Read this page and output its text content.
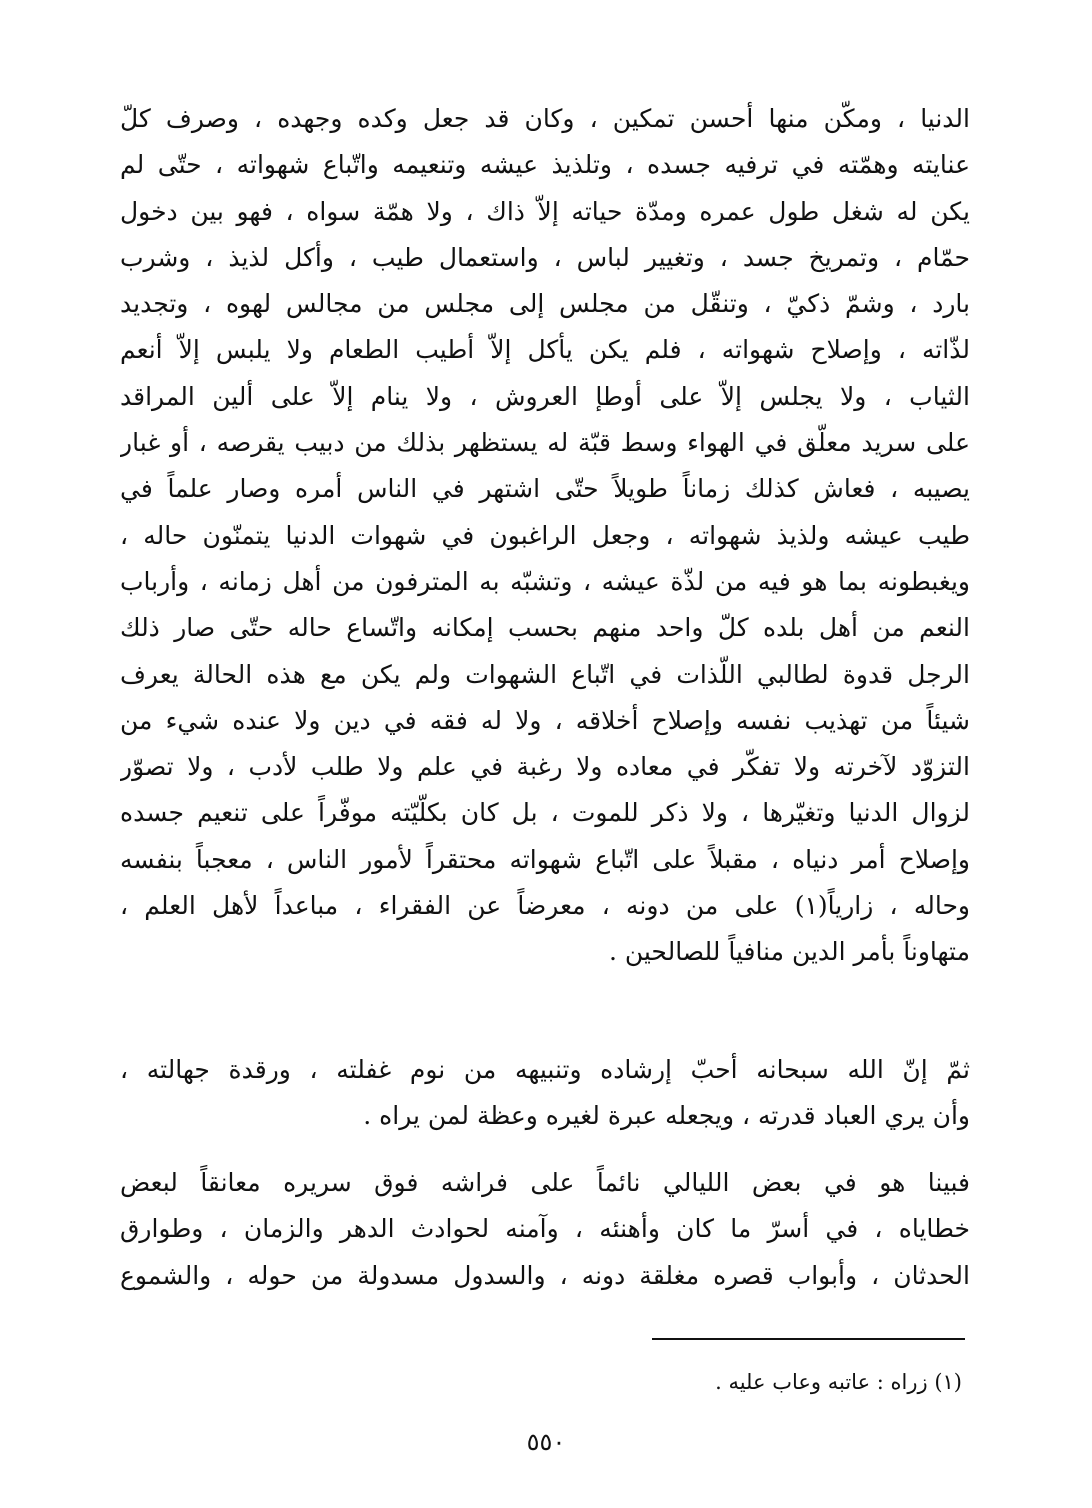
الدنيا ، ومكّن منها أحسن تمكين ، وكان قد جعل وكده وجهده ، وصرف كلّ
عنايته وهمّته في ترفيه جسده ، وتلذيذ عيشه وتنعيمه واتّباع شهواته ، حتّى لم
يكن له شغل طول عمره ومدّة حياته إلاّ ذاك ، ولا همّة سواه ، فهو بين دخول
حمّام ، وتمريخ جسد ، وتغيير لباس ، واستعمال طيب ، وأكل لذيذ ، وشرب
بارد ، وشمّ ذكيّ ، وتنقّل من مجلس إلى مجلس من مجالس لهوه ، وتجديد
لذّاته ، وإصلاح شهواته ، فلم يكن يأكل إلاّ أطيب الطعام ولا يلبس إلاّ أنعم
الثياب ، ولا يجلس إلاّ على أوطإ العروش ، ولا ينام إلاّ على ألين المراقد
على سريد معلّق في الهواء وسط قبّة له يستظهر بذلك من دبيب يقرصه ، أو غبار
يصيبه ، فعاش كذلك زماناً طويلاً حتّى اشتهر في الناس أمره وصار علماً في
طيب عيشه ولذيذ شهواته ، وجعل الراغبون في شهوات الدنيا يتمنّون حاله ،
ويغبطونه بما هو فيه من لذّة عيشه ، وتشبّه به المترفون من أهل زمانه ، وأرباب
النعم من أهل بلده كلّ واحد منهم بحسب إمكانه واتّساع حاله حتّى صار ذلك
الرجل قدوة لطالبي اللّذات في اتّباع الشهوات ولم يكن مع هذه الحالة يعرف
شيئاً من تهذيب نفسه وإصلاح أخلاقه ، ولا له فقه في دين ولا عنده شيء من
التزوّد لآخرته ولا تفكّر في معاده ولا رغبة في علم ولا طلب لأدب ، ولا تصوّر
لزوال الدنيا وتغيّرها ، ولا ذكر للموت ، بل كان بكلّيّته موفّراً على تنعيم جسده
وإصلاح أمر دنياه ، مقبلاً على اتّباع شهواته محتقراً لأمور الناس ، معجباً بنفسه
وحاله ، زارياً(١) على من دونه ، معرضاً عن الفقراء ، مباعداً لأهل العلم ،
متهاوناً بأمر الدين منافياً للصالحين .
ثمّ إنّ الله سبحانه أحبّ إرشاده وتنبيهه من نوم غفلته ، ورقدة جهالته ،
وأن يري العباد قدرته ، ويجعله عبرة لغيره وعظة لمن يراه .
فبينا هو في بعض الليالي نائماً على فراشه فوق سريره معانقاً لبعض
خطاياه ، في أسرّ ما كان وأهنئه ، وآمنه لحوادث الدهر والزمان ، وطوارق
الحدثان ، وأبواب قصره مغلقة دونه ، والسدول مسدولة من حوله ، والشموع
(١) زراه : عاتبه وعاب عليه .
٥٥٠
